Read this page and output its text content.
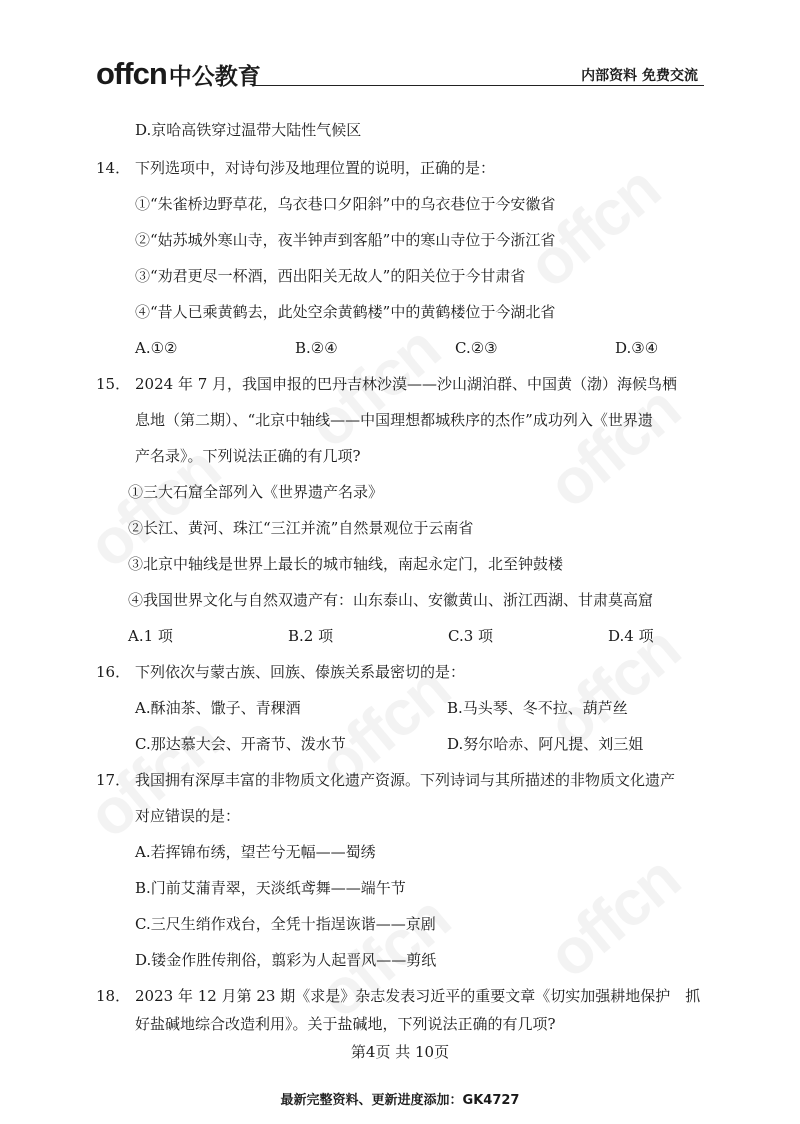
offcn 中公教育	内部资料 免费交流
D.京哈高铁穿过温带大陆性气候区
14． 下列选项中，对诗句涉及地理位置的说明，正确的是：
①“朱雀桥边野草花，乌衣巷口夕阳斜”中的乌衣巷位于今安徽省
②“姑苏城外寒山寺，夜半钟声到客船”中的寒山寺位于今浙江省
③“劝君更尽一杯酒，西出阳关无故人”的阳关位于今甘肃省
④“昔人已乘黄鹤去，此处空余黄鹤楼”中的黄鹤楼位于今湖北省
A.①②	B.②④	C.②③	D.③④
15． 2024 年 7 月，我国申报的巴丹吉林沙漠——沙山湖泊群、中国黄（渤）海候鸟栖
息地（第二期）、“北京中轴线——中国理想都城秩序的杰作”成功列入《世界遗
产名录》。下列说法正确的有几项?
①三大石窟全部列入《世界遗产名录》
②长江、黄河、珠江“三江并流”自然景观位于云南省
③北京中轴线是世界上最长的城市轴线，南起永定门，北至钟鼓楼
④我国世界文化与自然双遗产有：山东泰山、安徽黄山、浙江西湖、甘肃莫高窟
A.1 项	B.2 项	C.3 项	D.4 项
16． 下列依次与蒙古族、回族、傣族关系最密切的是：
A.酥油茶、馓子、青稞酒	B.马头琴、冬不拉、葫芦丝
C.那达慕大会、开斋节、泼水节	D.努尔哈赤、阿凡提、刘三姐
17． 我国拥有深厚丰富的非物质文化遗产资源。下列诗词与其所描述的非物质文化遗产
对应错误的是：
A.若挥锦布绣，望芒兮无幅——蜀绣
B.门前艾蒲青翠，天淡纸鸢舞——端午节
C.三尺生绡作戏台，全凭十指逞诙谐——京剧
D.镂金作胜传荆俗，翦彩为人起晋风——剪纸
18． 2023 年 12 月第 23 期《求是》杂志发表习近平的重要文章《切实加强耕地保护　抓
好盐碱地综合改造利用》。关于盐碱地，下列说法正确的有几项?
第4页 共 10页
最新完整资料、更新进度添加：GK4727
